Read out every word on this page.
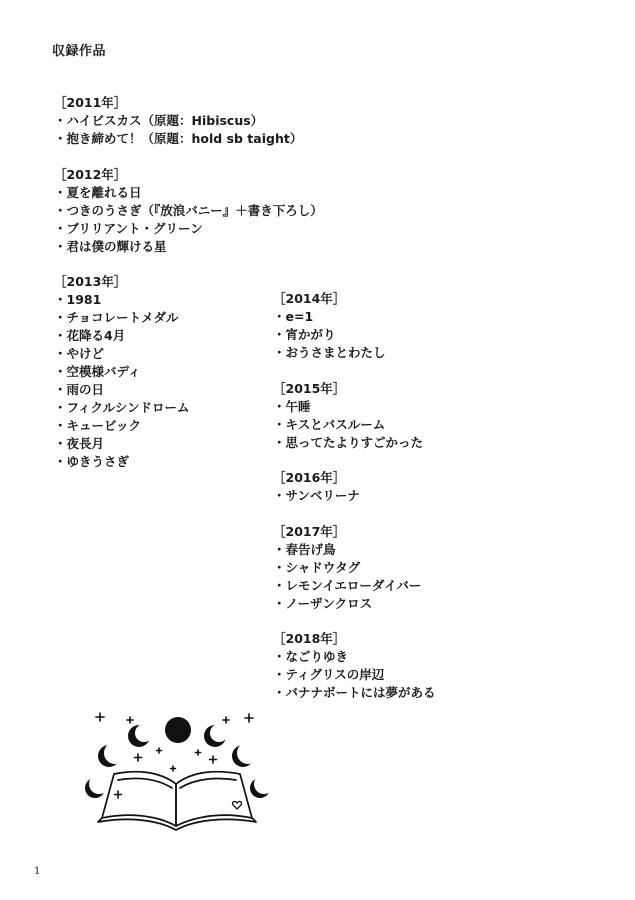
収録作品
［2011年］
・ハイビスカス（原題：Hibiscus）
・抱き締めて！（原題：hold sb taight）
［2012年］
・夏を離れる日
・つきのうさぎ（『放浪バニー』＋書き下ろし）
・ブリリアント・グリーン
・君は僕の輝ける星
［2013年］
・1981
・チョコレートメダル
・花降る4月
・やけど
・空模様バディ
・雨の日
・フィクルシンドローム
・キュービック
・夜長月
・ゆきうさぎ
［2014年］
・e=1
・宵かがり
・おうさまとわたし
［2015年］
・午睡
・キスとバスルーム
・思ってたよりすごかった
［2016年］
・サンベリーナ
［2017年］
・春告げ鳥
・シャドウタグ
・レモンイエローダイバー
・ノーザンクロス
［2018年］
・なごりゆき
・ティグリスの岸辺
・バナナボートには夢がある
1
